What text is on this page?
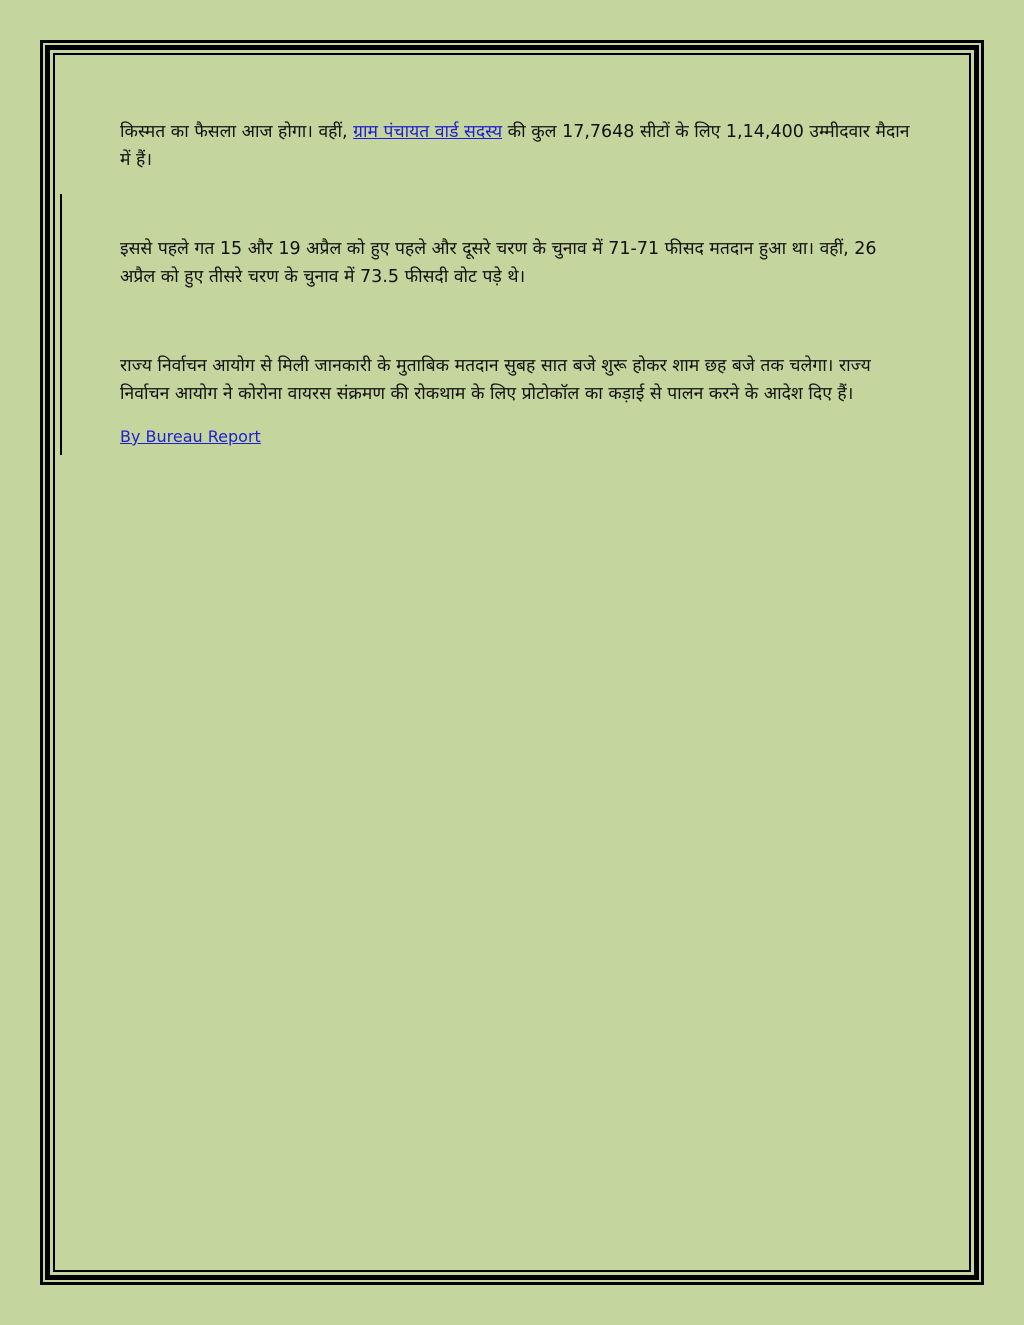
किस्मत का फैसला आज होगा। वहीं, ग्राम पंचायत वार्ड सदस्य की कुल 17,7648 सीटों के लिए 1,14,400 उम्मीदवार मैदान में हैं।

इससे पहले गत 15 और 19 अप्रैल को हुए पहले और दूसरे चरण के चुनाव में 71-71 फीसद मतदान हुआ था। वहीं, 26 अप्रैल को हुए तीसरे चरण के चुनाव में 73.5 फीसदी वोट पड़े थे।

राज्य निर्वाचन आयोग से मिली जानकारी के मुताबिक मतदान सुबह सात बजे शुरू होकर शाम छह बजे तक चलेगा। राज्य निर्वाचन आयोग ने कोरोना वायरस संक्रमण की रोकथाम के लिए प्रोटोकॉल का कड़ाई से पालन करने के आदेश दिए हैं।

By Bureau Report
